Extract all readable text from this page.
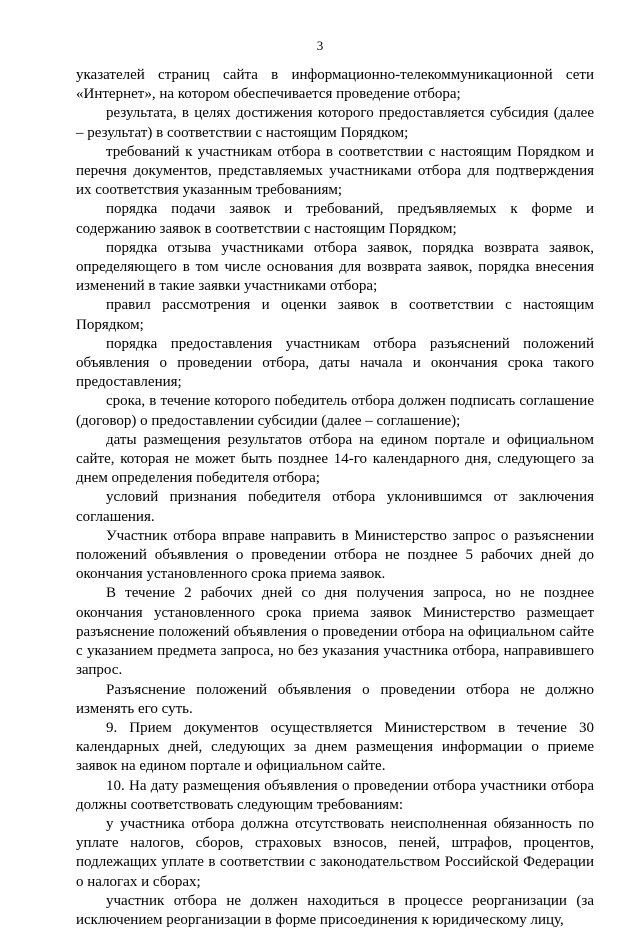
3

указателей страниц сайта в информационно-телекоммуникационной сети «Интернет», на котором обеспечивается проведение отбора;

результата, в целях достижения которого предоставляется субсидия (далее – результат) в соответствии с настоящим Порядком;

требований к участникам отбора в соответствии с настоящим Порядком и перечня документов, представляемых участниками отбора для подтверждения их соответствия указанным требованиям;

порядка подачи заявок и требований, предъявляемых к форме и содержанию заявок в соответствии с настоящим Порядком;

порядка отзыва участниками отбора заявок, порядка возврата заявок, определяющего в том числе основания для возврата заявок, порядка внесения изменений в такие заявки участниками отбора;

правил рассмотрения и оценки заявок в соответствии с настоящим Порядком;

порядка предоставления участникам отбора разъяснений положений объявления о проведении отбора, даты начала и окончания срока такого предоставления;

срока, в течение которого победитель отбора должен подписать соглашение (договор) о предоставлении субсидии (далее – соглашение);

даты размещения результатов отбора на едином портале и официальном сайте, которая не может быть позднее 14-го календарного дня, следующего за днем определения победителя отбора;

условий признания победителя отбора уклонившимся от заключения соглашения.

Участник отбора вправе направить в Министерство запрос о разъяснении положений объявления о проведении отбора не позднее 5 рабочих дней до окончания установленного срока приема заявок.

В течение 2 рабочих дней со дня получения запроса, но не позднее окончания установленного срока приема заявок Министерство размещает разъяснение положений объявления о проведении отбора на официальном сайте с указанием предмета запроса, но без указания участника отбора, направившего запрос.

Разъяснение положений объявления о проведении отбора не должно изменять его суть.

9. Прием документов осуществляется Министерством в течение 30 календарных дней, следующих за днем размещения информации о приеме заявок на едином портале и официальном сайте.

10. На дату размещения объявления о проведении отбора участники отбора должны соответствовать следующим требованиям:

у участника отбора должна отсутствовать неисполненная обязанность по уплате налогов, сборов, страховых взносов, пеней, штрафов, процентов, подлежащих уплате в соответствии с законодательством Российской Федерации о налогах и сборах;

участник отбора не должен находиться в процессе реорганизации (за исключением реорганизации в форме присоединения к юридическому лицу,
